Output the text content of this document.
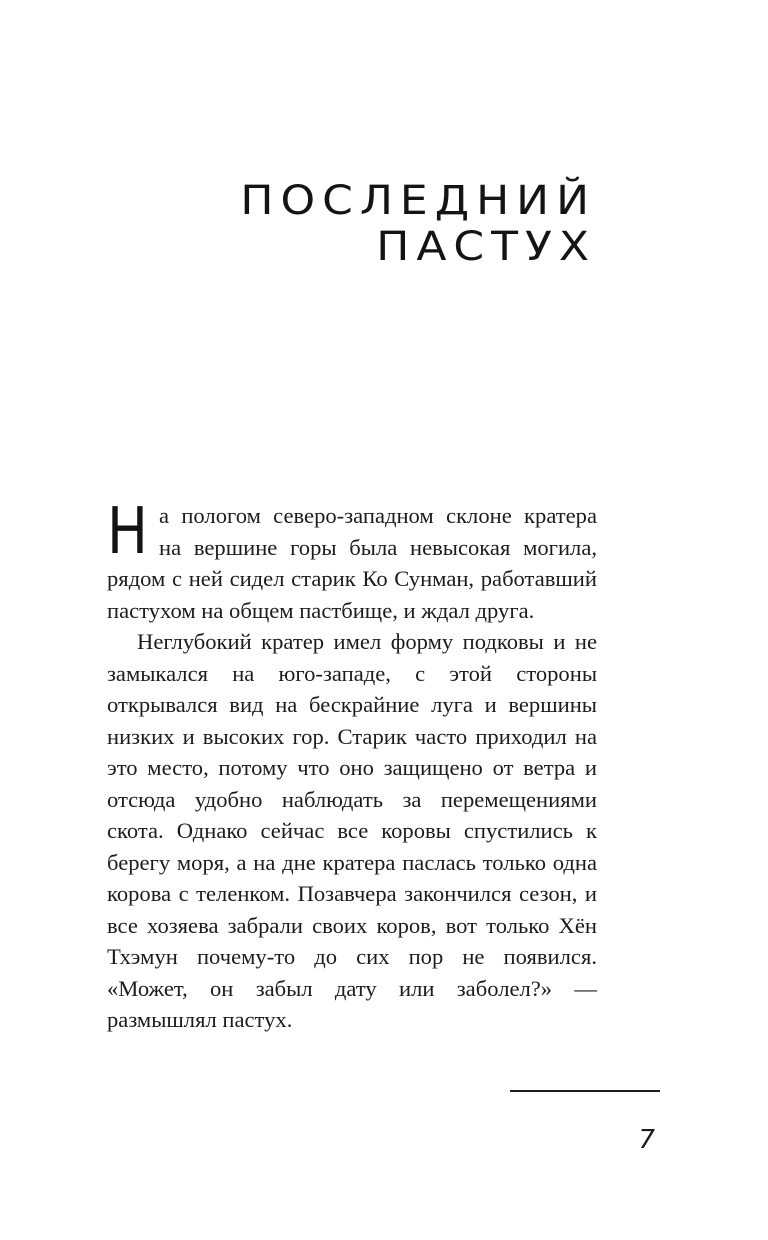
ПОСЛЕДНИЙ
ПАСТУХ

На пологом северо-западном склоне кратера на вершине горы была невысокая могила, рядом с ней сидел старик Ко Сунман, работавший пастухом на общем пастбище, и ждал друга.

Неглубокий кратер имел форму подковы и не замыкался на юго-западе, с этой стороны открывался вид на бескрайние луга и вершины низких и высоких гор. Старик часто приходил на это место, потому что оно защищено от ветра и отсюда удобно наблюдать за перемещениями скота. Однако сейчас все коровы спустились к берегу моря, а на дне кратера паслась только одна корова с теленком. Позавчера закончился сезон, и все хозяева забрали своих коров, вот только Хён Тхэмун почему-то до сих пор не появился. «Может, он забыл дату или заболел?» — размышлял пастух.

7
